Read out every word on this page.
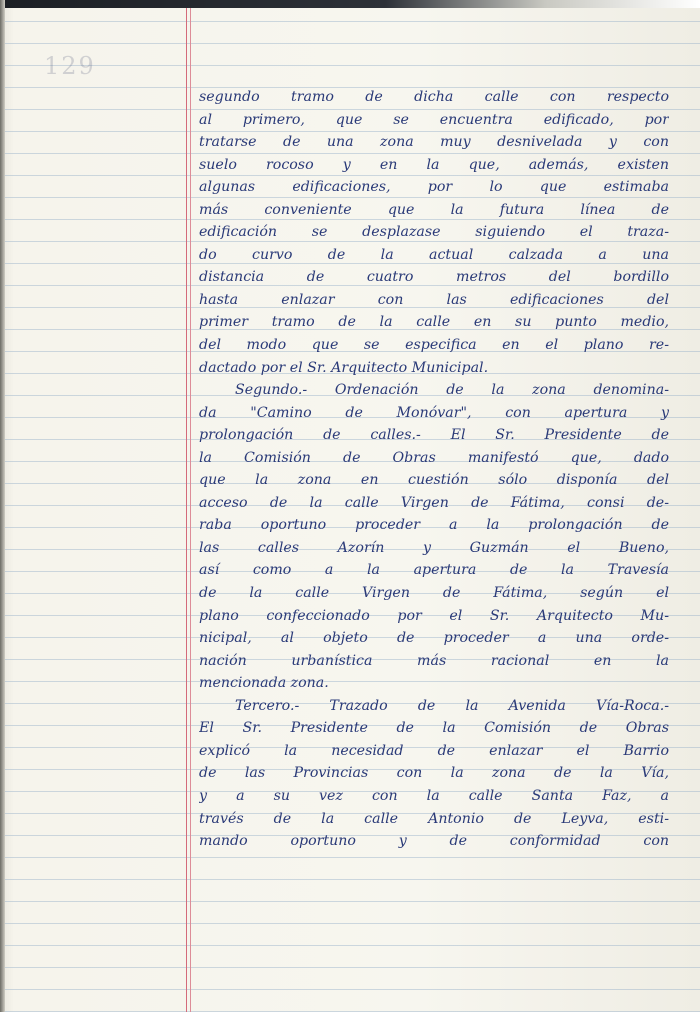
129
segundo tramo de dicha calle con respecto
al primero, que se encuentra edificado, por
tratarse de una zona muy desnivelada y con
suelo rocoso y en la que, además, existen
algunas edificaciones, por lo que estimaba
más conveniente que la futura línea de
edificación se desplazase siguiendo el traza-
do curvo de la actual calzada a una
distancia de cuatro metros del bordillo
hasta enlazar con las edificaciones del
primer tramo de la calle en su punto medio,
del modo que se especifica en el plano re-
dactado por el Sr. Arquitecto Municipal.
Segundo.- Ordenación de la zona denomina-
da "Camino de Monóvar", con apertura y
prolongación de calles.- El Sr. Presidente de
la Comisión de Obras manifestó que, dado
que la zona en cuestión sólo disponía del
acceso de la calle Virgen de Fátima, consi de-
raba oportuno proceder a la prolongación de
las calles Azorín y Guzmán el Bueno,
así como a la apertura de la Travesía
de la calle Virgen de Fátima, según el
plano confeccionado por el Sr. Arquitecto Mu-
nicipal, al objeto de proceder a una orde-
nación urbanística más racional en la
mencionada zona.
Tercero.- Trazado de la Avenida Vía-Roca.-
El Sr. Presidente de la Comisión de Obras
explicó la necesidad de enlazar el Barrio
de las Provincias con la zona de la Vía,
y a su vez con la calle Santa Faz, a
través de la calle Antonio de Leyva, esti-
mando oportuno y de conformidad con
